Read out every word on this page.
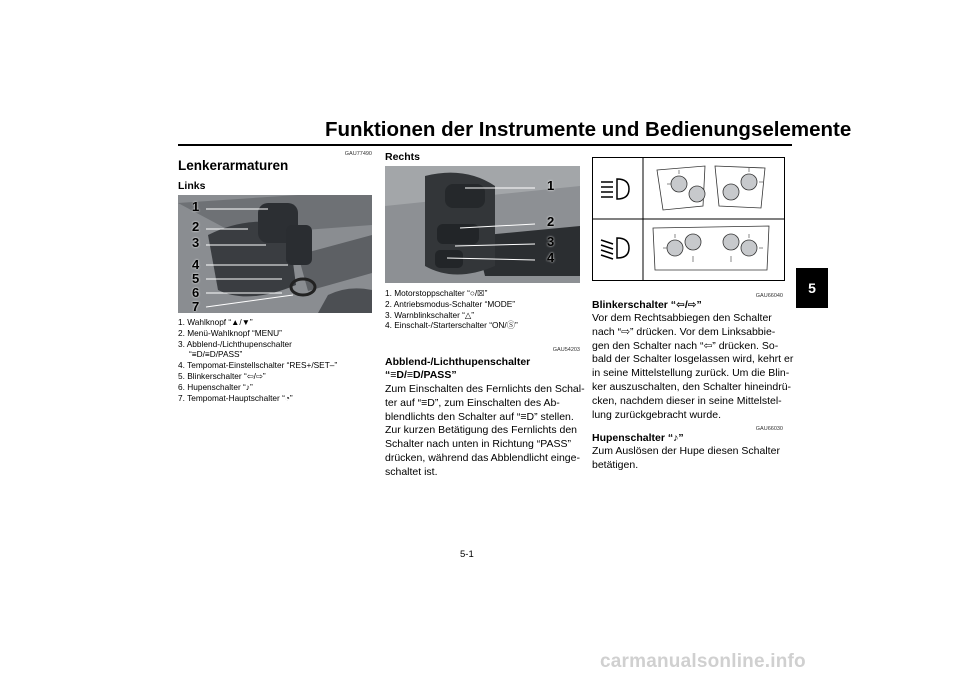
Funktionen der Instrumente und Bedienungselemente
5
GAU77490
Lenkerarmaturen
Links
1
2
3
4
5
6
7
1. Wahlknopf “▲/▼”
2. Menü-Wahlknopf “MENU”
3. Abblend-/Lichthupenschalter
“≡D/≡D/PASS”
4. Tempomat-Einstellschalter “RES+/SET–”
5. Blinkerschalter “⇦/⇨”
6. Hupenschalter “♪”
7. Tempomat-Hauptschalter “◔”
Rechts
1
2
3
4
1. Motorstoppschalter “○/☒”
2. Antriebsmodus-Schalter “MODE”
3. Warnblinkschalter “△”
4. Einschalt-/Starterschalter “ON/Ⓢ”
GAU54203
Abblend-/Lichthupenschalter
“≡D/≡D/PASS”
Zum Einschalten des Fernlichts den Schal-
ter auf “≡D”, zum Einschalten des Ab-
blendlichts den Schalter auf “≡D” stellen.
Zur kurzen Betätigung des Fernlichts den
Schalter nach unten in Richtung “PASS”
drücken, während das Abblendlicht einge-
schaltet ist.
GAU66040
Blinkerschalter “⇦/⇨”
Vor dem Rechtsabbiegen den Schalter
nach “⇨” drücken. Vor dem Linksabbie-
gen den Schalter nach “⇦” drücken. So-
bald der Schalter losgelassen wird, kehrt er
in seine Mittelstellung zurück. Um die Blin-
ker auszuschalten, den Schalter hineindrü-
cken, nachdem dieser in seine Mittelstel-
lung zurückgebracht wurde.
GAU66030
Hupenschalter “♪”
Zum Auslösen der Hupe diesen Schalter
betätigen.
5-1
carmanualsonline.info
